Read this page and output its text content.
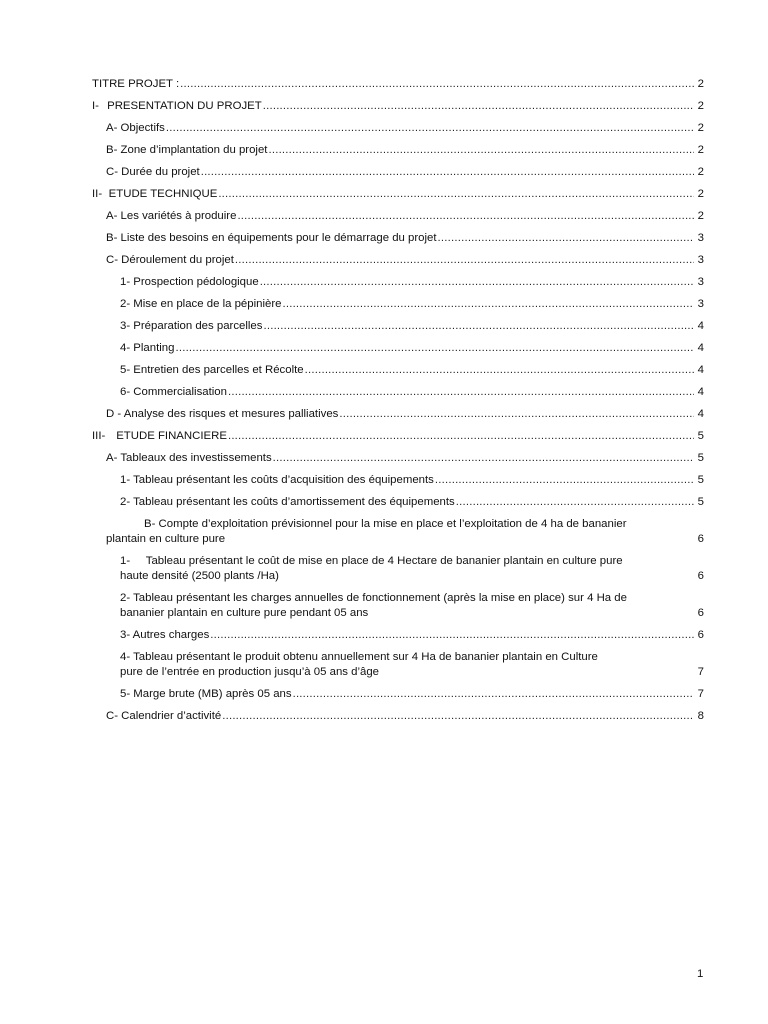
TITRE PROJET : .....	2
I- PRESENTATION DU PROJET .....	2
A- Objectifs .....	2
B- Zone d’implantation du projet .....	2
C- Durée du projet .....	2
II- ETUDE TECHNIQUE .....	2
A- Les variétés à produire .....	2
B- Liste des besoins en équipements pour le démarrage du projet .....	3
C- Déroulement du projet .....	3
1- Prospection pédologique .....	3
2- Mise en place de la pépinière .....	3
3- Préparation des parcelles .....	4
4- Planting .....	4
5- Entretien des parcelles et Récolte .....	4
6- Commercialisation .....	4
D - Analyse des risques et mesures palliatives .....	4
III- ETUDE FINANCIERE .....	5
A- Tableaux des investissements .....	5
1- Tableau présentant les coûts d’acquisition des équipements .....	5
2- Tableau présentant les coûts d’amortissement des équipements .....	5
B- Compte d’exploitation prévisionnel pour la mise en place et l’exploitation de 4 ha de bananier
plantain en culture pure	6
1-     Tableau présentant le coût de mise en place de 4 Hectare de bananier plantain en culture pure
haute densité (2500 plants /Ha)	6
2- Tableau présentant les charges annuelles de fonctionnement (après la mise en place) sur 4 Ha de
bananier plantain en culture pure pendant 05 ans	6
3- Autres charges .....	6
4- Tableau présentant le produit obtenu annuellement sur 4 Ha de bananier plantain en Culture
pure de l’entrée en production jusqu’à 05 ans d’âge	7
5- Marge brute (MB) après 05 ans .....	7
C- Calendrier d’activité .....	8
1
